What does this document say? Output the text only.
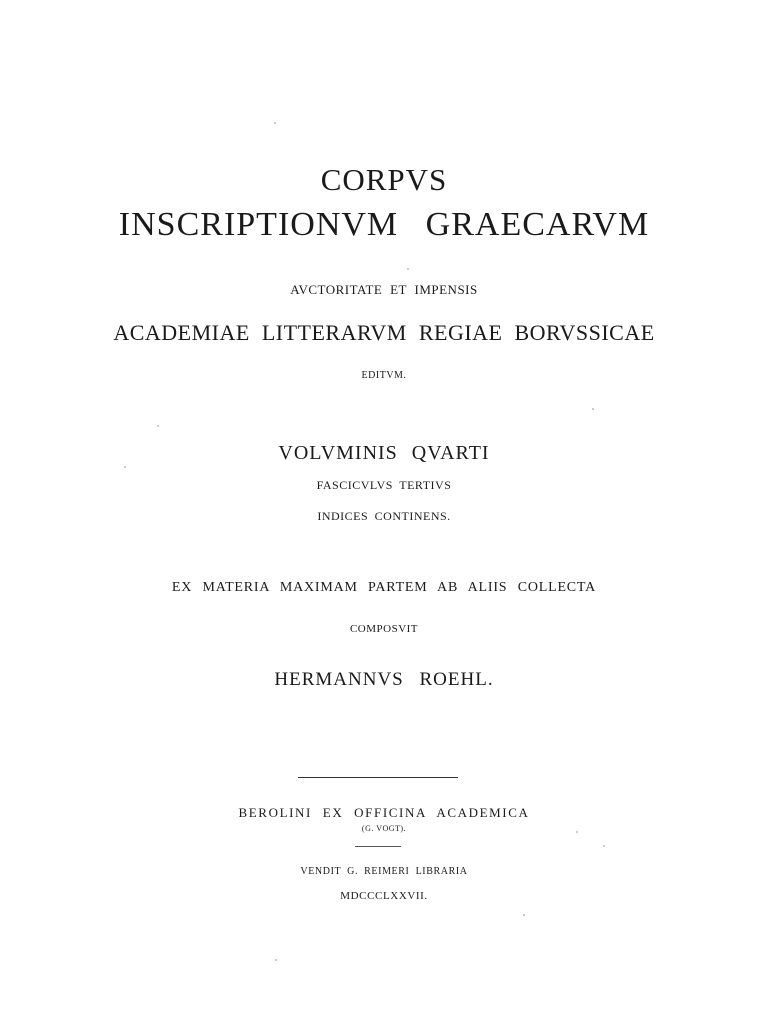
CORPVS
INSCRIPTIONVM GRAECARVM
AVCTORITATE ET IMPENSIS
ACADEMIAE LITTERARVM REGIAE BORVSSICAE
EDITVM.
VOLVMINIS QVARTI
FASCICVLVS TERTIVS
INDICES CONTINENS.
EX MATERIA MAXIMAM PARTEM AB ALIIS COLLECTA
COMPOSVIT
HERMANNVS ROEHL.
BEROLINI EX OFFICINA ACADEMICA
(G. VOGT).
VENDIT G. REIMERI LIBRARIA
MDCCCLXXVII.
